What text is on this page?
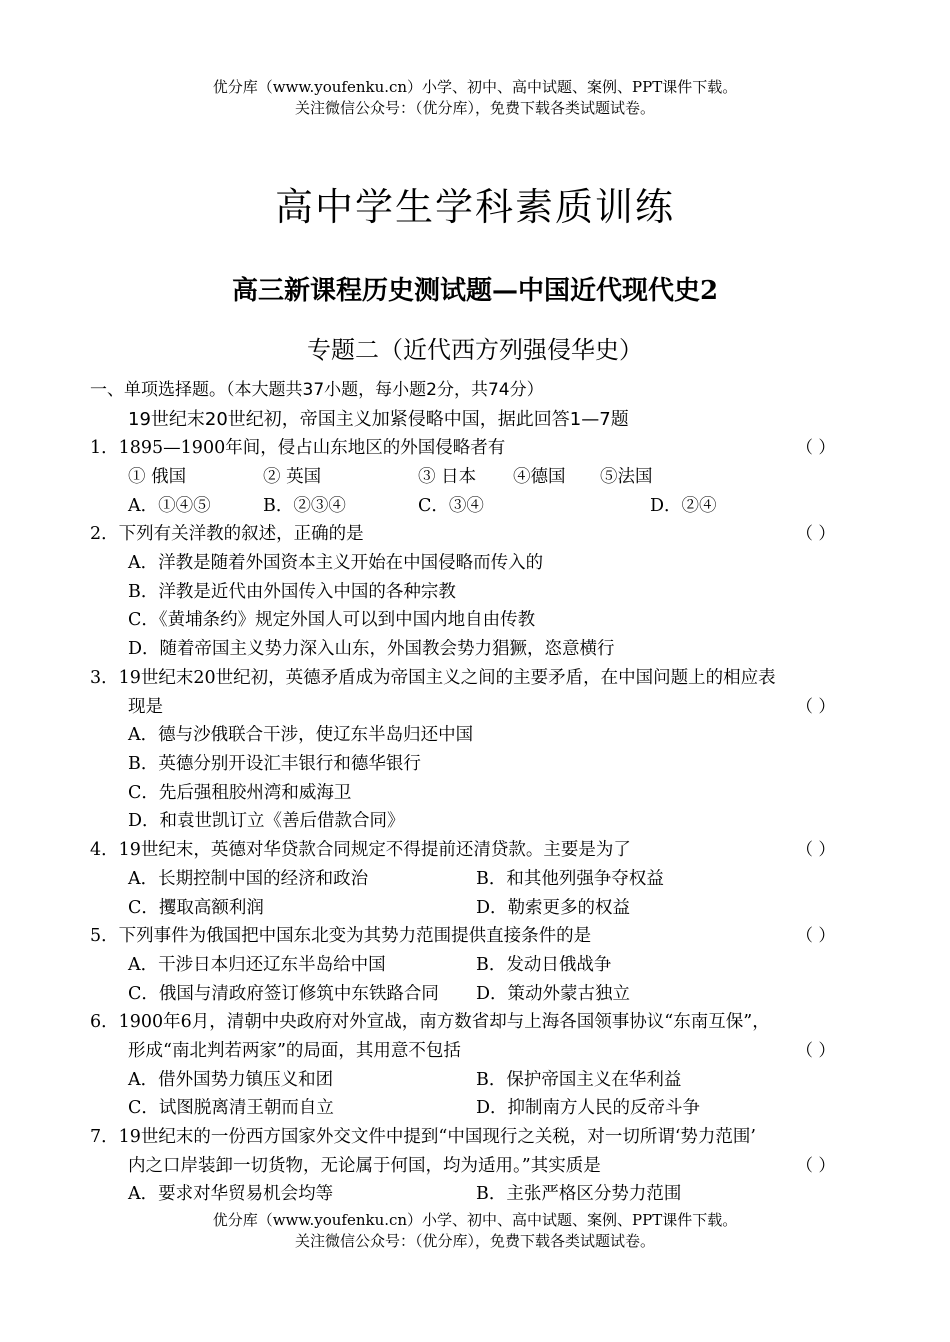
优分库（www.youfenku.cn）小学、初中、高中试题、案例、PPT课件下载。
关注微信公众号：（优分库），免费下载各类试题试卷。
高中学生学科素质训练
高三新课程历史测试题—中国近代现代史2
专题二（近代西方列强侵华史）
一、单项选择题。（本大题共37小题，每小题2分，共74分）
19世纪末20世纪初，帝国主义加紧侵略中国，据此回答1—7题
1．1895—1900年间，侵占山东地区的外国侵略者有	（ ）
① 俄国	② 英国	③ 日本 ④德国 ⑤法国
A．①④⑤	B．②③④	C．③④	D．②④
2．下列有关洋教的叙述，正确的是	（ ）
A．洋教是随着外国资本主义开始在中国侵略而传入的
B．洋教是近代由外国传入中国的各种宗教
C．《黄埔条约》规定外国人可以到中国内地自由传教
D．随着帝国主义势力深入山东，外国教会势力猖獗，恣意横行
3．19世纪末20世纪初，英德矛盾成为帝国主义之间的主要矛盾，在中国问题上的相应表
现是	（ ）
A．德与沙俄联合干涉，使辽东半岛归还中国
B．英德分别开设汇丰银行和德华银行
C．先后强租胶州湾和威海卫
D．和袁世凯订立《善后借款合同》
4．19世纪末，英德对华贷款合同规定不得提前还清贷款。主要是为了	（ ）
A．长期控制中国的经济和政治	B．和其他列强争夺权益
C．攫取高额利润	D．勒索更多的权益
5．下列事件为俄国把中国东北变为其势力范围提供直接条件的是	（ ）
A．干涉日本归还辽东半岛给中国	B．发动日俄战争
C．俄国与清政府签订修筑中东铁路合同 D．策动外蒙古独立
6．1900年6月，清朝中央政府对外宣战，南方数省却与上海各国领事协议“东南互保”，
形成“南北判若两家”的局面，其用意不包括	（ ）
A．借外国势力镇压义和团	B．保护帝国主义在华利益
C．试图脱离清王朝而自立	D．抑制南方人民的反帝斗争
7．19世纪末的一份西方国家外交文件中提到“中国现行之关税，对一切所谓‘势力范围’
内之口岸装卸一切货物，无论属于何国，均为适用。”其实质是	（ ）
A．要求对华贸易机会均等	B．主张严格区分势力范围
优分库（www.youfenku.cn）小学、初中、高中试题、案例、PPT课件下载。
关注微信公众号：（优分库），免费下载各类试题试卷。
